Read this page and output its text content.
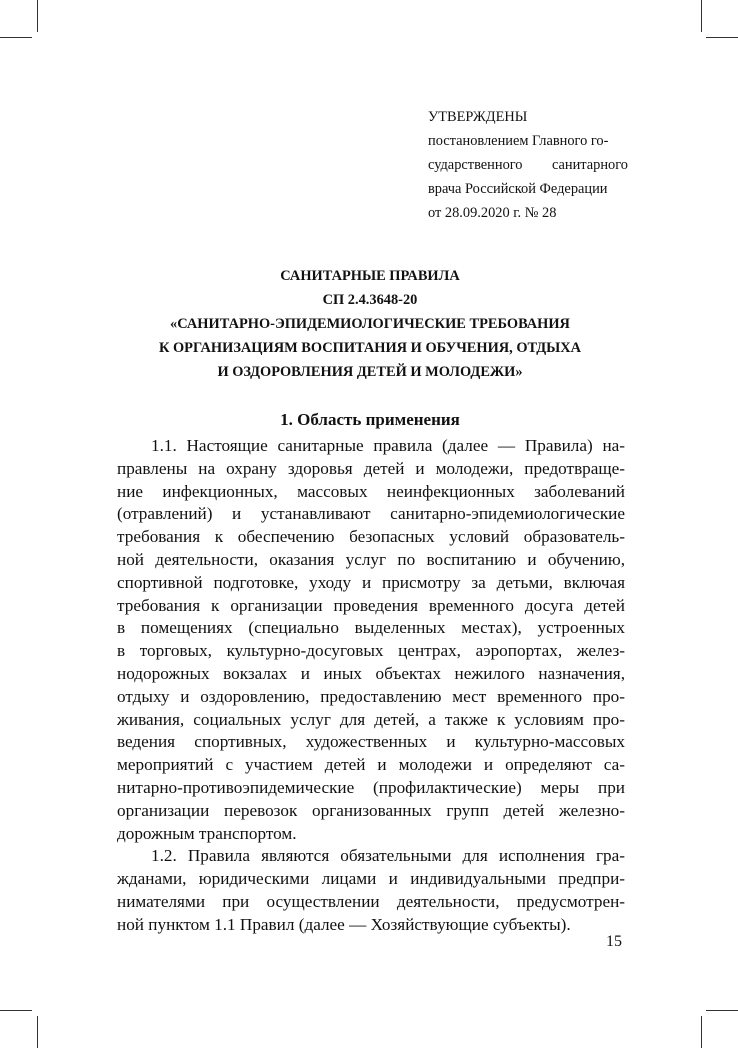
УТВЕРЖДЕНЫ
постановлением Главного го-
сударственного санитарного
врача Российской Федерации
от 28.09.2020 г. № 28
САНИТАРНЫЕ ПРАВИЛА
СП 2.4.3648-20
«САНИТАРНО-ЭПИДЕМИОЛОГИЧЕСКИЕ ТРЕБОВАНИЯ
К ОРГАНИЗАЦИЯМ ВОСПИТАНИЯ И ОБУЧЕНИЯ, ОТДЫХА
И ОЗДОРОВЛЕНИЯ ДЕТЕЙ И МОЛОДЕЖИ»
1. Область применения
1.1. Настоящие санитарные правила (далее — Правила) на-
правлены на охрану здоровья детей и молодежи, предотвраще-
ние инфекционных, массовых неинфекционных заболеваний
(отравлений) и устанавливают санитарно-эпидемиологические
требования к обеспечению безопасных условий образователь-
ной деятельности, оказания услуг по воспитанию и обучению,
спортивной подготовке, уходу и присмотру за детьми, включая
требования к организации проведения временного досуга детей
в помещениях (специально выделенных местах), устроенных
в торговых, культурно-досуговых центрах, аэропортах, желез-
нодорожных вокзалах и иных объектах нежилого назначения,
отдыху и оздоровлению, предоставлению мест временного про-
живания, социальных услуг для детей, а также к условиям про-
ведения спортивных, художественных и культурно-массовых
мероприятий с участием детей и молодежи и определяют са-
нитарно-противоэпидемические (профилактические) меры при
организации перевозок организованных групп детей железно-
дорожным транспортом.
1.2. Правила являются обязательными для исполнения гра-
жданами, юридическими лицами и индивидуальными предпри-
нимателями при осуществлении деятельности, предусмотрен-
ной пунктом 1.1 Правил (далее — Хозяйствующие субъекты).
15
